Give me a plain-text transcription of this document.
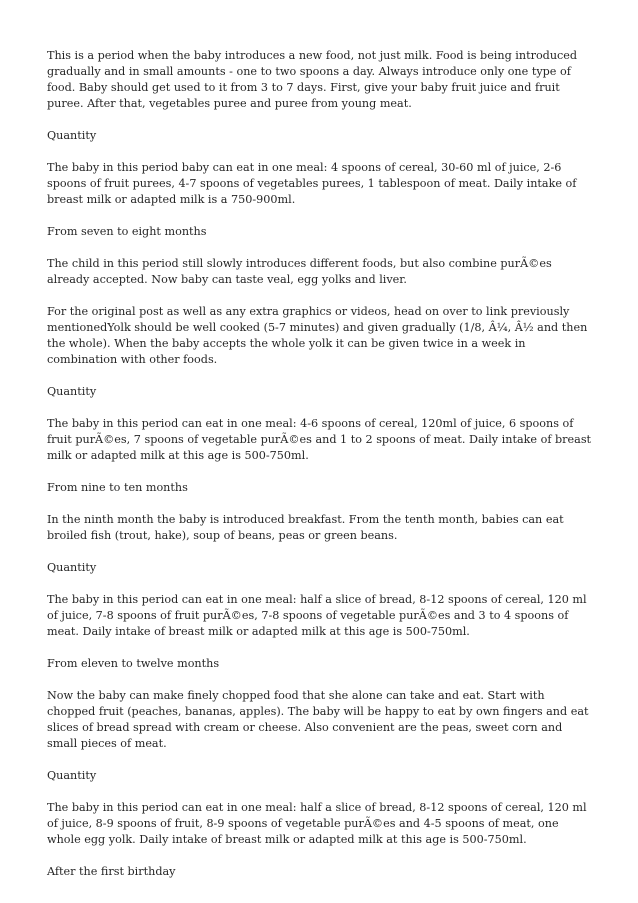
This is a period when the baby introduces a new food, not just milk. Food is being introduced gradually and in small amounts - one to two spoons a day. Always introduce only one type of food. Baby should get used to it from 3 to 7 days. First, give your baby fruit juice and fruit puree. After that, vegetables puree and puree from young meat.

Quantity

The baby in this period baby can eat in one meal: 4 spoons of cereal, 30-60 ml of juice, 2-6 spoons of fruit purees, 4-7 spoons of vegetables purees, 1 tablespoon of meat. Daily intake of breast milk or adapted milk is a 750-900ml.

From seven to eight months

The child in this period still slowly introduces different foods, but also combine purÃ©es already accepted. Now baby can taste veal, egg yolks and liver.

For the original post as well as any extra graphics or videos, head on over to link previously mentionedYolk should be well cooked (5-7 minutes) and given gradually (1/8, Â¼, Â½ and then the whole). When the baby accepts the whole yolk it can be given twice in a week in combination with other foods.

Quantity

The baby in this period can eat in one meal: 4-6 spoons of cereal, 120ml of juice, 6 spoons of fruit purÃ©es, 7 spoons of vegetable purÃ©es and 1 to 2 spoons of meat. Daily intake of breast milk or adapted milk at this age is 500-750ml.

From nine to ten months

In the ninth month the baby is introduced breakfast. From the tenth month, babies can eat broiled fish (trout, hake), soup of beans, peas or green beans.

Quantity

The baby in this period can eat in one meal: half a slice of bread, 8-12 spoons of cereal, 120 ml of juice, 7-8 spoons of fruit purÃ©es, 7-8 spoons of vegetable purÃ©es and 3 to 4 spoons of meat. Daily intake of breast milk or adapted milk at this age is 500-750ml.

From eleven to twelve months

Now the baby can make finely chopped food that she alone can take and eat. Start with chopped fruit (peaches, bananas, apples). The baby will be happy to eat by own fingers and eat slices of bread spread with cream or cheese. Also convenient are the peas, sweet corn and small pieces of meat.

Quantity

The baby in this period can eat in one meal: half a slice of bread, 8-12 spoons of cereal, 120 ml of juice, 8-9 spoons of fruit, 8-9 spoons of vegetable purÃ©es and 4-5 spoons of meat, one whole egg yolk. Daily intake of breast milk or adapted milk at this age is 500-750ml.

After the first birthday
